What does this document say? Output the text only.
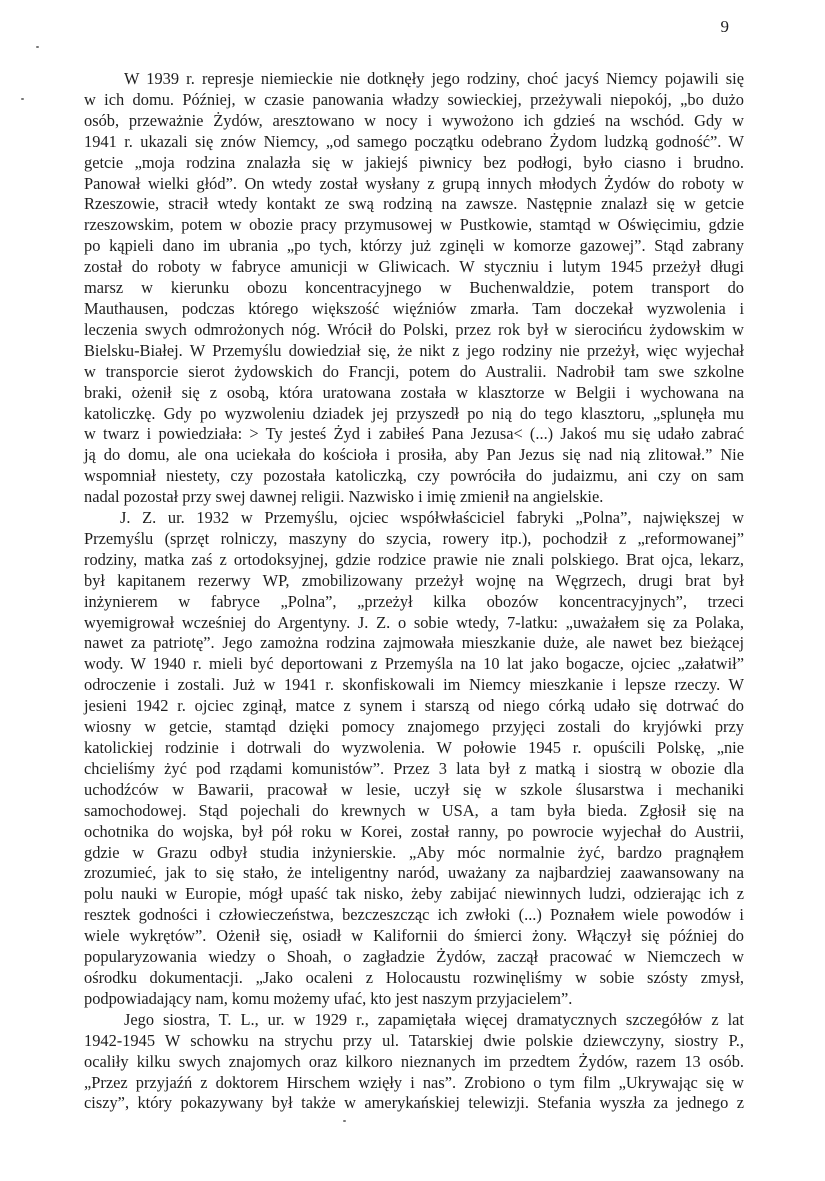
9
W 1939 r. represje niemieckie nie dotknęły jego rodziny, choć jacyś Niemcy pojawili się
w ich domu. Później, w czasie panowania władzy sowieckiej, przeżywali niepokój, „bo dużo
osób, przeważnie Żydów, aresztowano w nocy i wywożono ich gdzieś na wschód. Gdy w
1941 r. ukazali się znów Niemcy, „od samego początku odebrano Żydom ludzką godność”. W
getcie „moja rodzina znalazła się w jakiejś piwnicy bez podłogi, było ciasno i brudno.
Panował wielki głód”. On wtedy został wysłany z grupą innych młodych Żydów do roboty w
Rzeszowie, stracił wtedy kontakt ze swą rodziną na zawsze. Następnie znalazł się w getcie
rzeszowskim, potem w obozie pracy przymusowej w Pustkowie, stamtąd w Oświęcimiu, gdzie
po kąpieli dano im ubrania „po tych, którzy już zginęli w komorze gazowej”. Stąd zabrany
został do roboty w fabryce amunicji w Gliwicach. W styczniu i lutym 1945 przeżył długi
marsz w kierunku obozu koncentracyjnego w Buchenwaldzie, potem transport do
Mauthausen, podczas którego większość więźniów zmarła. Tam doczekał wyzwolenia i
leczenia swych odmrożonych nóg. Wrócił do Polski, przez rok był w sierocińcu żydowskim w
Bielsku-Białej. W Przemyślu dowiedział się, że nikt z jego rodziny nie przeżył, więc wyjechał
w transporcie sierot żydowskich do Francji, potem do Australii. Nadrobił tam swe szkolne
braki, ożenił się z osobą, która uratowana została w klasztorze w Belgii i wychowana na
katoliczkę. Gdy po wyzwoleniu dziadek jej przyszedł po nią do tego klasztoru, „splunęła mu
w twarz i powiedziała: > Ty jesteś Żyd i zabiłeś Pana Jezusa< (...) Jakoś mu się udało zabrać
ją do domu, ale ona uciekała do kościoła i prosiła, aby Pan Jezus się nad nią zlitował.” Nie
wspomniał niestety, czy pozostała katoliczką, czy powróciła do judaizmu, ani czy on sam
nadal pozostał przy swej dawnej religii. Nazwisko i imię zmienił na angielskie.
J. Z. ur. 1932 w Przemyślu, ojciec współwłaściciel fabryki „Polna”, największej w
Przemyślu (sprzęt rolniczy, maszyny do szycia, rowery itp.), pochodził z „reformowanej”
rodziny, matka zaś z ortodoksyjnej, gdzie rodzice prawie nie znali polskiego. Brat ojca, lekarz,
był kapitanem rezerwy WP, zmobilizowany przeżył wojnę na Węgrzech, drugi brat był
inżynierem w fabryce „Polna”, „przeżył kilka obozów koncentracyjnych”, trzeci
wyemigrował wcześniej do Argentyny. J. Z. o sobie wtedy, 7-latku: „uważałem się za Polaka,
nawet za patriotę”. Jego zamożna rodzina zajmowała mieszkanie duże, ale nawet bez bieżącej
wody. W 1940 r. mieli być deportowani z Przemyśla na 10 lat jako bogacze, ojciec „załatwił”
odroczenie i zostali. Już w 1941 r. skonfiskowali im Niemcy mieszkanie i lepsze rzeczy. W
jesieni 1942 r. ojciec zginął, matce z synem i starszą od niego córką udało się dotrwać do
wiosny w getcie, stamtąd dzięki pomocy znajomego przyjęci zostali do kryjówki przy
katolickiej rodzinie i dotrwali do wyzwolenia. W połowie 1945 r. opuścili Polskę, „nie
chcieliśmy żyć pod rządami komunistów”. Przez 3 lata był z matką i siostrą w obozie dla
uchodźców w Bawarii, pracował w lesie, uczył się w szkole ślusarstwa i mechaniki
samochodowej. Stąd pojechali do krewnych w USA, a tam była bieda. Zgłosił się na
ochotnika do wojska, był pół roku w Korei, został ranny, po powrocie wyjechał do Austrii,
gdzie w Grazu odbył studia inżynierskie. „Aby móc normalnie żyć, bardzo pragnąłem
zrozumieć, jak to się stało, że inteligentny naród, uważany za najbardziej zaawansowany na
polu nauki w Europie, mógł upaść tak nisko, żeby zabijać niewinnych ludzi, odzierając ich z
resztek godności i człowieczeństwa, bezczeszcząc ich zwłoki (...) Poznałem wiele powodów i
wiele wykrętów”. Ożenił się, osiadł w Kalifornii do śmierci żony. Włączył się później do
popularyzowania wiedzy o Shoah, o zagładzie Żydów, zaczął pracować w Niemczech w
ośrodku dokumentacji. „Jako ocaleni z Holocaustu rozwinęliśmy w sobie szósty zmysł,
podpowiadający nam, komu możemy ufać, kto jest naszym przyjacielem”.
Jego siostra, T. L., ur. w 1929 r., zapamiętała więcej dramatycznych szczegółów z lat
1942-1945 W schowku na strychu przy ul. Tatarskiej dwie polskie dziewczyny, siostry P.,
ocaliły kilku swych znajomych oraz kilkoro nieznanych im przedtem Żydów, razem 13 osób.
„Przez przyjaźń z doktorem Hirschem wzięły i nas”. Zrobiono o tym film „Ukrywając się w
ciszy”, który pokazywany był także w amerykańskiej telewizji. Stefania wyszła za jednego z
